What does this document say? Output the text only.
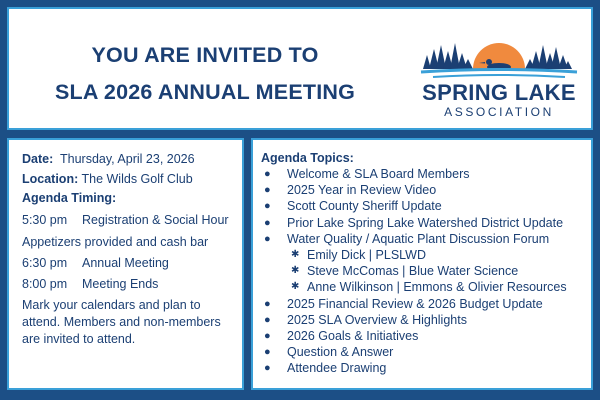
YOU ARE INVITED TO
SLA 2026 ANNUAL MEETING	SPRING LAKE
ASSOCIATION
Date: Thursday, April 23, 2026
Location: The Wilds Golf Club
Agenda Timing:
5:30 pm Registration & Social Hour
Appetizers provided and cash bar
6:30 pm Annual Meeting
8:00 pm Meeting Ends
Mark your calendars and plan to attend. Members and non-members are invited to attend.
Agenda Topics:
● Welcome & SLA Board Members
● 2025 Year in Review Video
● Scott County Sheriff Update
● Prior Lake Spring Lake Watershed District Update
● Water Quality / Aquatic Plant Discussion Forum
✱ Emily Dick | PLSLWD
✱ Steve McComas | Blue Water Science
✱ Anne Wilkinson | Emmons & Olivier Resources
● 2025 Financial Review & 2026 Budget Update
● 2025 SLA Overview & Highlights
● 2026 Goals & Initiatives
● Question & Answer
● Attendee Drawing
